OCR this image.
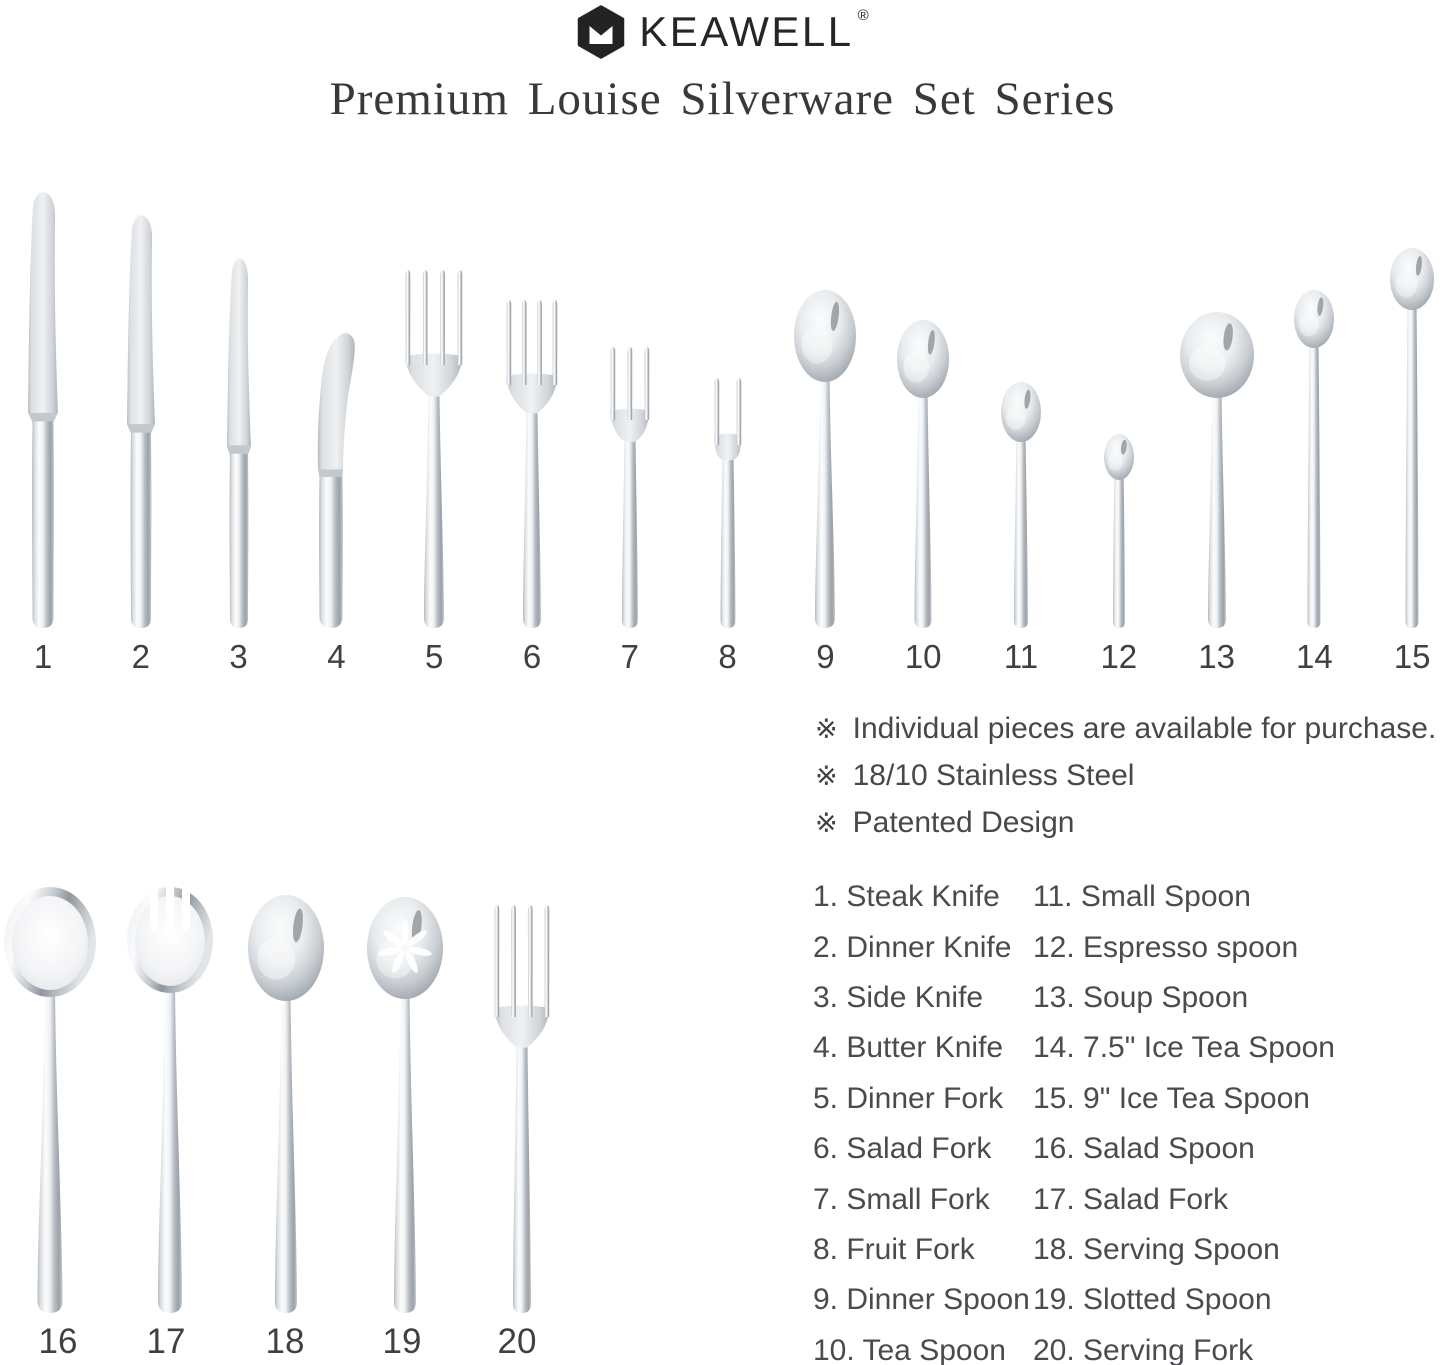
KEAWELL ®
Premium Louise Silverware Set Series
1 2 3 4 5 6 7 8 9 10 11 12 13 14 15
16 17 18 19 20
※ Individual pieces are available for purchase.
※ 18/10 Stainless Steel
※ Patented Design
1. Steak Knife
2. Dinner Knife
3. Side Knife
4. Butter Knife
5. Dinner Fork
6. Salad Fork
7. Small Fork
8. Fruit Fork
9. Dinner Spoon
10. Tea Spoon
11. Small Spoon
12. Espresso spoon
13. Soup Spoon
14. 7.5" Ice Tea Spoon
15. 9" Ice Tea Spoon
16. Salad Spoon
17. Salad Fork
18. Serving Spoon
19. Slotted Spoon
20. Serving Fork
